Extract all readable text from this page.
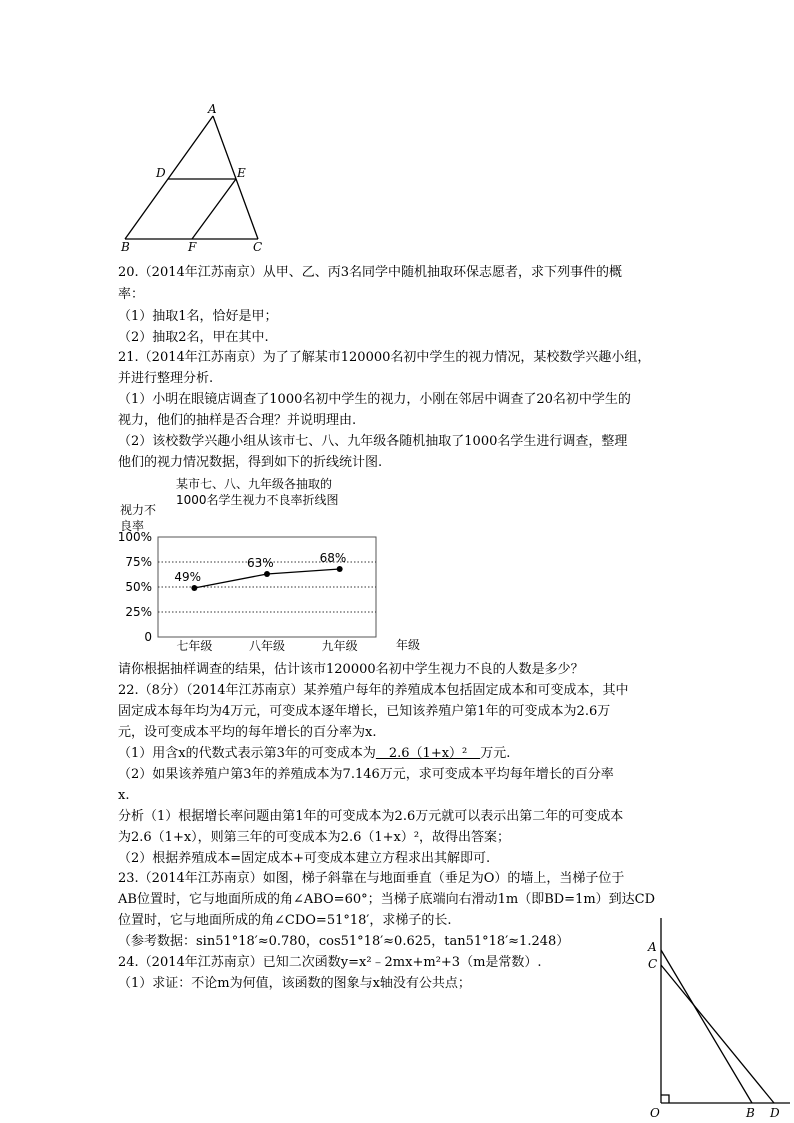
A
D	E
B	F	C
20.（2014年江苏南京）从甲、乙、丙3名同学中随机抽取环保志愿者，求下列事件的概
率：
（1）抽取1名，恰好是甲；
（2）抽取2名，甲在其中.
21.（2014年江苏南京）为了了解某市120000名初中学生的视力情况，某校数学兴趣小组，
并进行整理分析.
（1）小明在眼镜店调查了1000名初中学生的视力，小刚在邻居中调查了20名初中学生的
视力，他们的抽样是否合理？并说明理由.
（2）该校数学兴趣小组从该市七、八、九年级各随机抽取了1000名学生进行调查，整理
他们的视力情况数据，得到如下的折线统计图.
某市七、八、九年级各抽取的
1000名学生视力不良率折线图
视力不
良率
0
25%
50%
75%
100%
49%
63%	68%
七年级	八年级	九年级	年级
请你根据抽样调查的结果，估计该市120000名初中学生视力不良的人数是多少？
22.（8分）（2014年江苏南京）某养殖户每年的养殖成本包括固定成本和可变成本，其中
固定成本每年均为4万元，可变成本逐年增长，已知该养殖户第1年的可变成本为2.6万
元，设可变成本平均的每年增长的百分率为x.
（1）用含x的代数式表示第3年的可变成本为　2.6（1+x）²　万元.
（2）如果该养殖户第3年的养殖成本为7.146万元，求可变成本平均每年增长的百分率
x.
分析（1）根据增长率问题由第1年的可变成本为2.6万元就可以表示出第二年的可变成本
为2.6（1+x），则第三年的可变成本为2.6（1+x）²，故得出答案；
（2）根据养殖成本=固定成本+可变成本建立方程求出其解即可.
23.（2014年江苏南京）如图，梯子斜靠在与地面垂直（垂足为O）的墙上，当梯子位于
AB位置时，它与地面所成的角∠ABO=60°；当梯子底端向右滑动1m（即BD=1m）到达CD
位置时，它与地面所成的角∠CDO=51°18′，求梯子的长.
（参考数据：sin51°18′≈0.780，cos51°18′≈0.625，tan51°18′≈1.248）
24.（2014年江苏南京）已知二次函数y=x²﹣2mx+m²+3（m是常数）.
（1）求证：不论m为何值，该函数的图象与x轴没有公共点；
A
C
O	B D
